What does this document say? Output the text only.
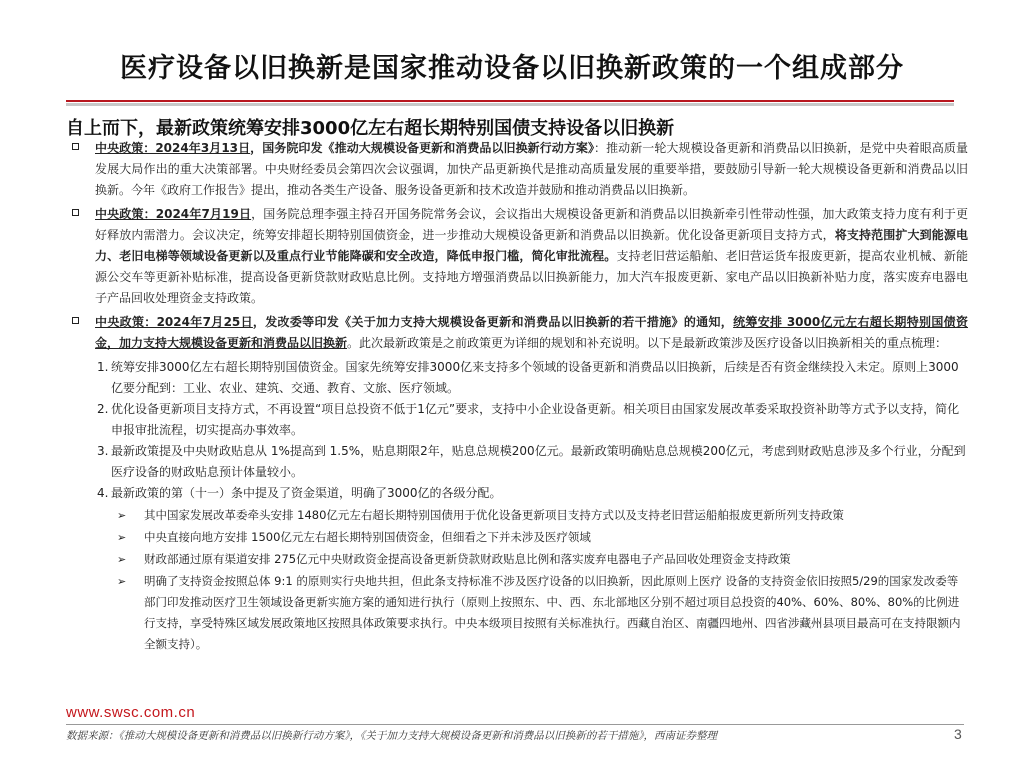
医疗设备以旧换新是国家推动设备以旧换新政策的一个组成部分
自上而下，最新政策统筹安排3000亿左右超长期特别国债支持设备以旧换新
中央政策：2024年3月13日，国务院印发《推动大规模设备更新和消费品以旧换新行动方案》：推动新一轮大规模设备更新和消费品以旧换新，是党中央着眼高质量发展大局作出的重大决策部署。中央财经委员会第四次会议强调，加快产品更新换代是推动高质量发展的重要举措，要鼓励引导新一轮大规模设备更新和消费品以旧换新。今年《政府工作报告》提出，推动各类生产设备、服务设备更新和技术改造并鼓励和推动消费品以旧换新。
中央政策：2024年7月19日，国务院总理李强主持召开国务院常务会议，会议指出大规模设备更新和消费品以旧换新牵引性带动性强，加大政策支持力度有利于更好释放内需潜力。会议决定，统筹安排超长期特别国债资金，进一步推动大规模设备更新和消费品以旧换新。优化设备更新项目支持方式，将支持范围扩大到能源电力、老旧电梯等领域设备更新以及重点行业节能降碳和安全改造，降低申报门槛，简化审批流程。支持老旧营运船舶、老旧营运货车报废更新，提高农业机械、新能源公交车等更新补贴标准，提高设备更新贷款财政贴息比例。支持地方增强消费品以旧换新能力，加大汽车报废更新、家电产品以旧换新补贴力度，落实废弃电器电子产品回收处理资金支持政策。
中央政策：2024年7月25日，发改委等印发《关于加力支持大规模设备更新和消费品以旧换新的若干措施》的通知，统筹安排 3000亿元左右超长期特别国债资金，加力支持大规模设备更新和消费品以旧换新。此次最新政策是之前政策更为详细的规划和补充说明。以下是最新政策涉及医疗设备以旧换新相关的重点梳理：
1. 统筹安排3000亿左右超长期特别国债资金。国家先统筹安排3000亿来支持多个领域的设备更新和消费品以旧换新，后续是否有资金继续投入未定。原则上3000亿要分配到：工业、农业、建筑、交通、教育、文旅、医疗领域。
2. 优化设备更新项目支持方式，不再设置“项目总投资不低于1亿元”要求，支持中小企业设备更新。相关项目由国家发展改革委采取投资补助等方式予以支持，简化申报审批流程，切实提高办事效率。
3. 最新政策提及中央财政贴息从 1%提高到 1.5%，贴息期限2年，贴息总规模200亿元。最新政策明确贴息总规模200亿元，考虑到财政贴息涉及多个行业，分配到医疗设备的财政贴息预计体量较小。
4. 最新政策的第（十一）条中提及了资金渠道，明确了3000亿的各级分配。
➢ 其中国家发展改革委牵头安排 1480亿元左右超长期特别国债用于优化设备更新项目支持方式以及支持老旧营运船舶报废更新所列支持政策
➢ 中央直接向地方安排 1500亿元左右超长期特别国债资金，但细看之下并未涉及医疗领域
➢ 财政部通过原有渠道安排 275亿元中央财政资金提高设备更新贷款财政贴息比例和落实废弃电器电子产品回收处理资金支持政策
➢ 明确了支持资金按照总体 9:1 的原则实行央地共担，但此条支持标准不涉及医疗设备的以旧换新，因此原则上医疗 设备的支持资金依旧按照5/29的国家发改委等部门印发推动医疗卫生领域设备更新实施方案的通知进行执行（原则上按照东、中、西、东北部地区分别不超过项目总投资的40%、60%、80%、80%的比例进行支持，享受特殊区域发展政策地区按照具体政策要求执行。中央本级项目按照有关标准执行。西藏自治区、南疆四地州、四省涉藏州县项目最高可在支持限额内全额支持）。
www.swsc.com.cn
数据来源：《推动大规模设备更新和消费品以旧换新行动方案》，《关于加力支持大规模设备更新和消费品以旧换新的若干措施》，西南证券整理	3
